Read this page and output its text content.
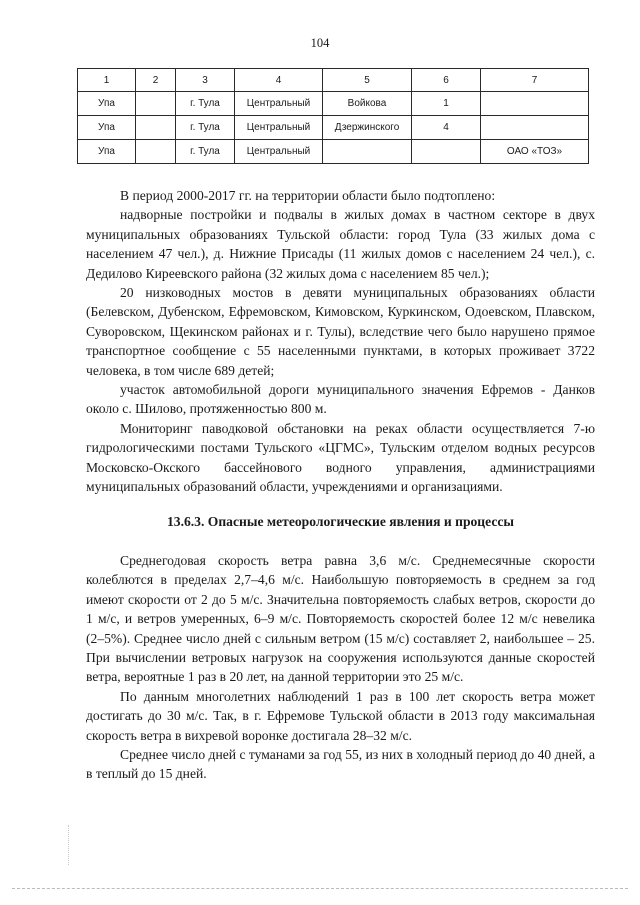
104
1	2	3	4	5	6	7
Упа		г. Тула	Центральный	Войкова	1	
Упа		г. Тула	Центральный	Дзержинского	4	
Упа		г. Тула	Центральный			ОАО «ТОЗ»

В период 2000-2017 гг. на территории области было подтоплено:

надворные постройки и подвалы в жилых домах в частном секторе в двух муниципальных образованиях Тульской области: город Тула (33 жилых дома с населением 47 чел.), д. Нижние Присады (11 жилых домов с населением 24 чел.), с. Дедилово Киреевского района (32 жилых дома с населением 85 чел.);

20 низководных мостов в девяти муниципальных образованиях области (Белевском, Дубенском, Ефремовском, Кимовском, Куркинском, Одоевском, Плавском, Суворовском, Щекинском районах и г. Тулы), вследствие чего было нарушено прямое транспортное сообщение с 55 населенными пунктами, в которых проживает 3722 человека, в том числе 689 детей;

участок автомобильной дороги муниципального значения Ефремов - Данков около с. Шилово, протяженностью 800 м.

Мониторинг паводковой обстановки на реках области осуществляется 7-ю гидрологическими постами Тульского «ЦГМС», Тульским отделом водных ресурсов Московско-Окского бассейнового водного управления, администрациями муниципальных образований области, учреждениями и организациями.

13.6.3. Опасные метеорологические явления и процессы

Среднегодовая скорость ветра равна 3,6 м/с. Среднемесячные скорости колеблются в пределах 2,7–4,6 м/с. Наибольшую повторяемость в среднем за год имеют скорости от 2 до 5 м/с. Значительна повторяемость слабых ветров, скорости до 1 м/с, и ветров умеренных, 6–9 м/с. Повторяемость скоростей более 12 м/с невелика (2–5%). Среднее число дней с сильным ветром (15 м/с) составляет 2, наибольшее – 25. При вычислении ветровых нагрузок на сооружения используются данные скоростей ветра, вероятные 1 раз в 20 лет, на данной территории это 25 м/с.

По данным многолетних наблюдений 1 раз в 100 лет скорость ветра может достигать до 30 м/с. Так, в г. Ефремове Тульской области в 2013 году максимальная скорость ветра в вихревой воронке достигала 28–32 м/с.

Среднее число дней с туманами за год 55, из них в холодный период до 40 дней, а в теплый до 15 дней.
